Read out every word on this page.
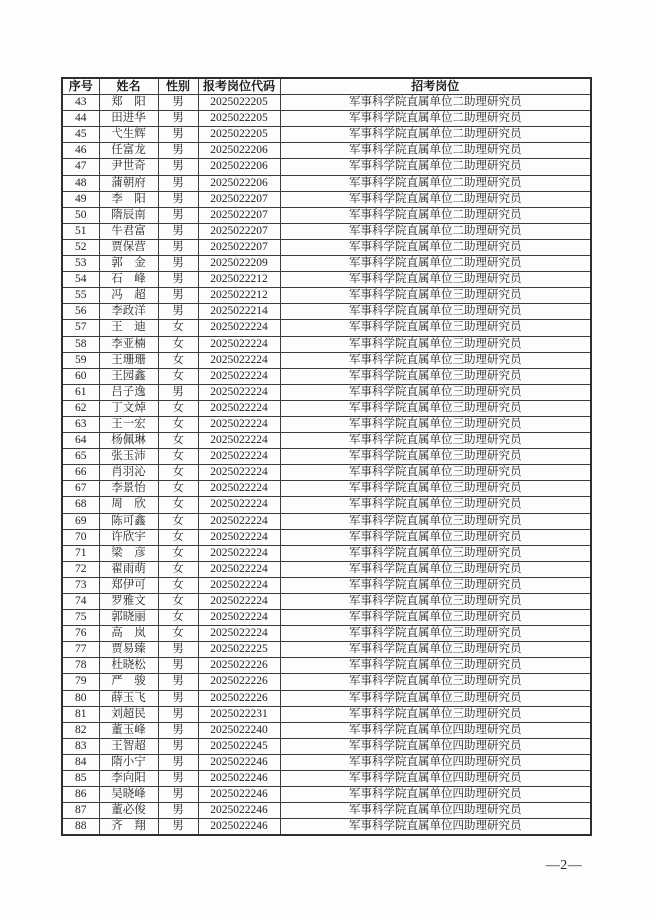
序号	姓名	性别	报考岗位代码	招考岗位
43	郑　阳	男	2025022205	军事科学院直属单位二助理研究员
44	田进华	男	2025022205	军事科学院直属单位二助理研究员
45	弋生辉	男	2025022205	军事科学院直属单位二助理研究员
46	任富龙	男	2025022206	军事科学院直属单位二助理研究员
47	尹世奇	男	2025022206	军事科学院直属单位二助理研究员
48	蒲朝府	男	2025022206	军事科学院直属单位二助理研究员
49	李　阳	男	2025022207	军事科学院直属单位二助理研究员
50	隋辰南	男	2025022207	军事科学院直属单位二助理研究员
51	牛君富	男	2025022207	军事科学院直属单位二助理研究员
52	贾保营	男	2025022207	军事科学院直属单位二助理研究员
53	郭　金	男	2025022209	军事科学院直属单位二助理研究员
54	石　峰	男	2025022212	军事科学院直属单位三助理研究员
55	冯　超	男	2025022212	军事科学院直属单位三助理研究员
56	李政洋	男	2025022214	军事科学院直属单位三助理研究员
57	王　迪	女	2025022224	军事科学院直属单位三助理研究员
58	李亚楠	女	2025022224	军事科学院直属单位三助理研究员
59	王珊珊	女	2025022224	军事科学院直属单位三助理研究员
60	王园鑫	女	2025022224	军事科学院直属单位三助理研究员
61	吕子逸	男	2025022224	军事科学院直属单位三助理研究员
62	丁文焯	女	2025022224	军事科学院直属单位三助理研究员
63	王一宏	女	2025022224	军事科学院直属单位三助理研究员
64	杨佩琳	女	2025022224	军事科学院直属单位三助理研究员
65	张玉沛	女	2025022224	军事科学院直属单位三助理研究员
66	肖羽沁	女	2025022224	军事科学院直属单位三助理研究员
67	李景怡	女	2025022224	军事科学院直属单位三助理研究员
68	周　欣	女	2025022224	军事科学院直属单位三助理研究员
69	陈可鑫	女	2025022224	军事科学院直属单位三助理研究员
70	许欣宇	女	2025022224	军事科学院直属单位三助理研究员
71	梁　彦	女	2025022224	军事科学院直属单位三助理研究员
72	翟雨萌	女	2025022224	军事科学院直属单位三助理研究员
73	郑伊可	女	2025022224	军事科学院直属单位三助理研究员
74	罗雅文	女	2025022224	军事科学院直属单位三助理研究员
75	郭晓丽	女	2025022224	军事科学院直属单位三助理研究员
76	高　岚	女	2025022224	军事科学院直属单位三助理研究员
77	贾易臻	男	2025022225	军事科学院直属单位三助理研究员
78	杜晓松	男	2025022226	军事科学院直属单位三助理研究员
79	严　骏	男	2025022226	军事科学院直属单位三助理研究员
80	薛玉飞	男	2025022226	军事科学院直属单位三助理研究员
81	刘超民	男	2025022231	军事科学院直属单位三助理研究员
82	董玉峰	男	2025022240	军事科学院直属单位四助理研究员
83	王智超	男	2025022245	军事科学院直属单位四助理研究员
84	隋小宁	男	2025022246	军事科学院直属单位四助理研究员
85	李向阳	男	2025022246	军事科学院直属单位四助理研究员
86	吴晓峰	男	2025022246	军事科学院直属单位四助理研究员
87	董必俊	男	2025022246	军事科学院直属单位四助理研究员
88	齐　翔	男	2025022246	军事科学院直属单位四助理研究员
—2—
